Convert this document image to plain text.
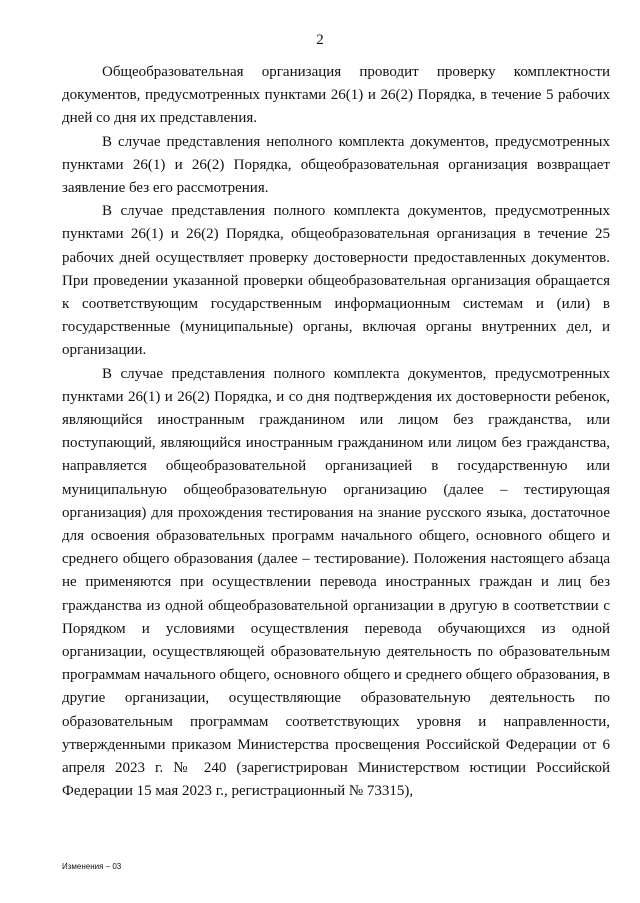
2

Общеобразовательная организация проводит проверку комплектности документов, предусмотренных пунктами 26(1) и 26(2) Порядка, в течение 5 рабочих дней со дня их представления.

В случае представления неполного комплекта документов, предусмотренных пунктами 26(1) и 26(2) Порядка, общеобразовательная организация возвращает заявление без его рассмотрения.

В случае представления полного комплекта документов, предусмотренных пунктами 26(1) и 26(2) Порядка, общеобразовательная организация в течение 25 рабочих дней осуществляет проверку достоверности предоставленных документов. При проведении указанной проверки общеобразовательная организация обращается к соответствующим государственным информационным системам и (или) в государственные (муниципальные) органы, включая органы внутренних дел, и организации.

В случае представления полного комплекта документов, предусмотренных пунктами 26(1) и 26(2) Порядка, и со дня подтверждения их достоверности ребенок, являющийся иностранным гражданином или лицом без гражданства, или поступающий, являющийся иностранным гражданином или лицом без гражданства, направляется общеобразовательной организацией в государственную или муниципальную общеобразовательную организацию (далее – тестирующая организация) для прохождения тестирования на знание русского языка, достаточное для освоения образовательных программ начального общего, основного общего и среднего общего образования (далее – тестирование). Положения настоящего абзаца не применяются при осуществлении перевода иностранных граждан и лиц без гражданства из одной общеобразовательной организации в другую в соответствии с Порядком и условиями осуществления перевода обучающихся из одной организации, осуществляющей образовательную деятельность по образовательным программам начального общего, основного общего и среднего общего образования, в другие организации, осуществляющие образовательную деятельность по образовательным программам соответствующих уровня и направленности, утвержденными приказом Министерства просвещения Российской Федерации от 6 апреля 2023 г. № 240 (зарегистрирован Министерством юстиции Российской Федерации 15 мая 2023 г., регистрационный № 73315),

Изменения – 03
